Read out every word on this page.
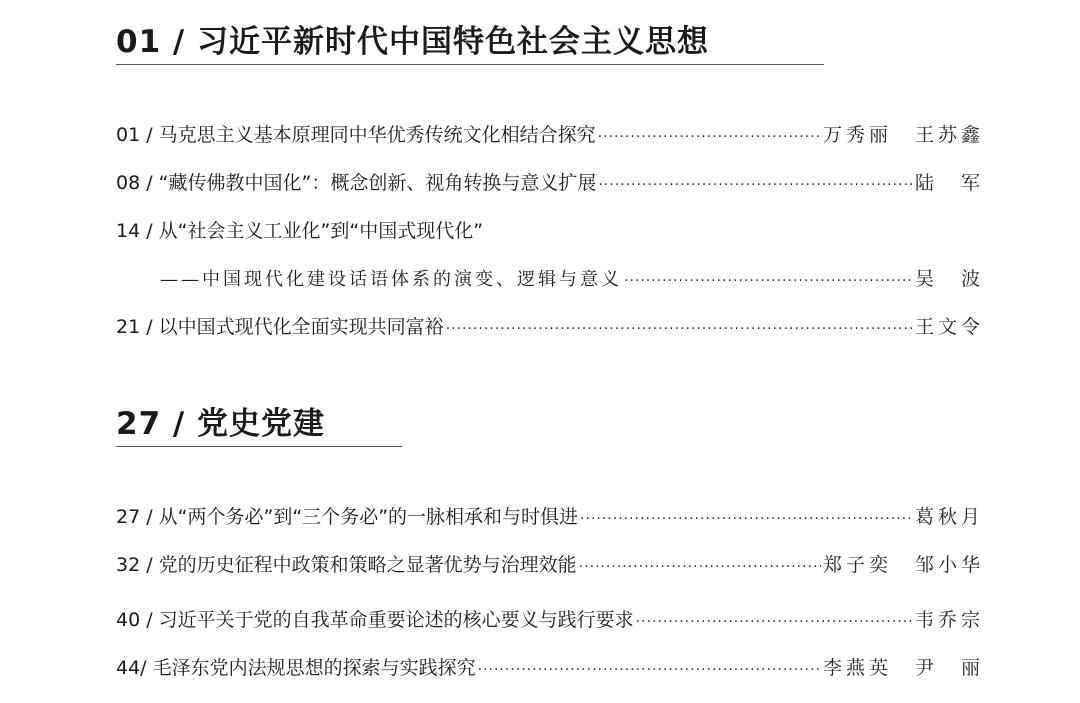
01 / 习近平新时代中国特色社会主义思想
01 / 马克思主义基本原理同中华优秀传统文化相结合探究 ·····	万秀丽　王苏鑫
08 / “藏传佛教中国化”：概念创新、视角转换与意义扩展 ·····	陆　军
14 / 从“社会主义工业化”到“中国式现代化”
——中国现代化建设话语体系的演变、逻辑与意义 ·····	吴　波
21 / 以中国式现代化全面实现共同富裕 ·····	王文令
27 / 党史党建
27 / 从“两个务必”到“三个务必”的一脉相承和与时俱进 ·····	葛秋月
32 / 党的历史征程中政策和策略之显著优势与治理效能 ·····	郑子奕　邹小华
40 / 习近平关于党的自我革命重要论述的核心要义与践行要求 ·····	韦乔宗
44/ 毛泽东党内法规思想的探索与实践探究 ·····	李燕英　尹　丽
